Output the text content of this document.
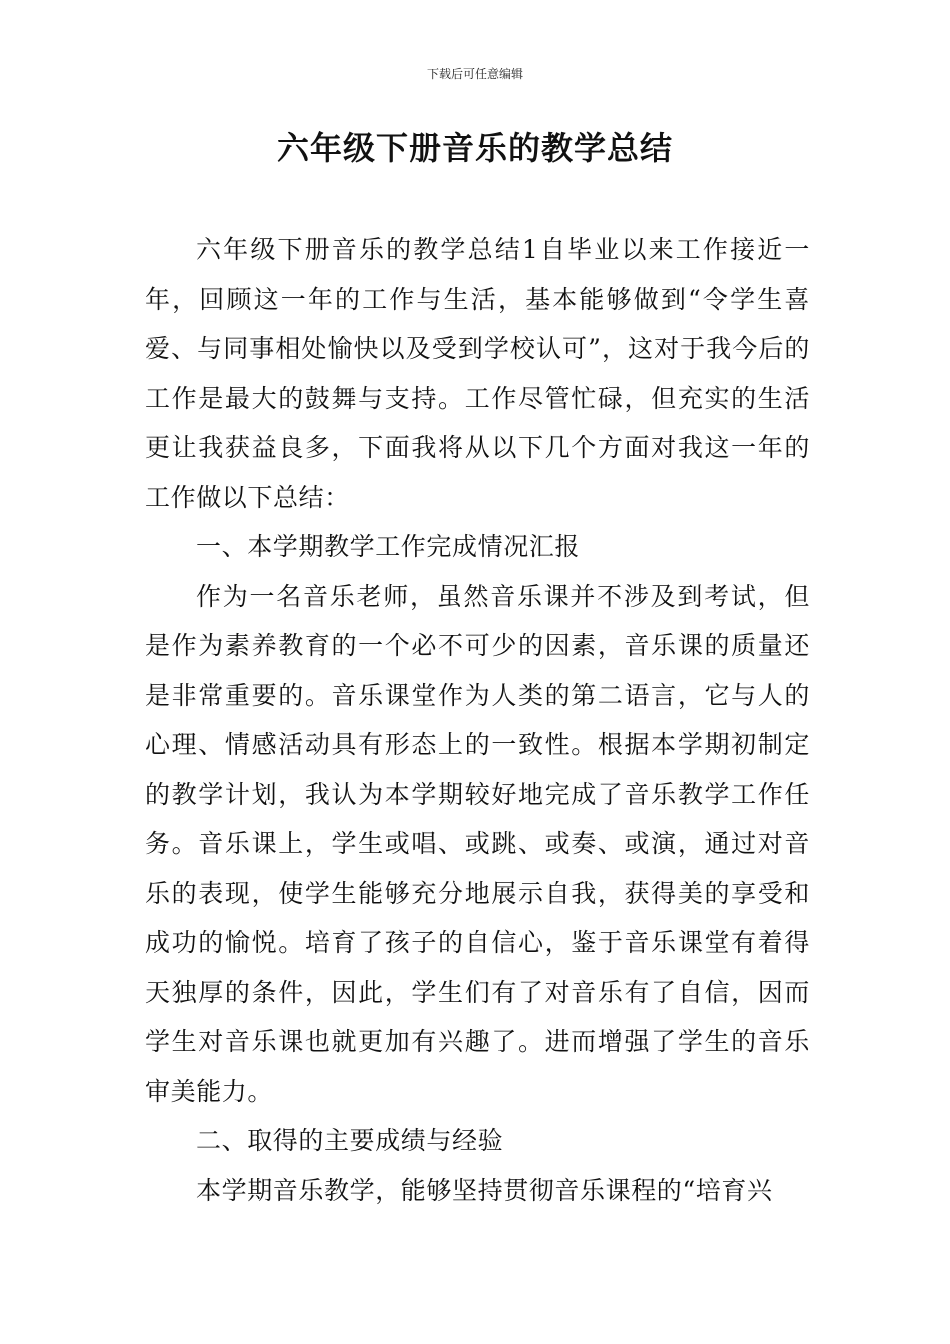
下载后可任意编辑
六年级下册音乐的教学总结

六年级下册音乐的教学总结1自毕业以来工作接近一年，回顾这一年的工作与生活，基本能够做到“令学生喜爱、与同事相处愉快以及受到学校认可”，这对于我今后的工作是最大的鼓舞与支持。工作尽管忙碌，但充实的生活更让我获益良多，下面我将从以下几个方面对我这一年的工作做以下总结：

一、本学期教学工作完成情况汇报

作为一名音乐老师，虽然音乐课并不涉及到考试，但是作为素养教育的一个必不可少的因素，音乐课的质量还是非常重要的。音乐课堂作为人类的第二语言，它与人的心理、情感活动具有形态上的一致性。根据本学期初制定的教学计划，我认为本学期较好地完成了音乐教学工作任务。音乐课上，学生或唱、或跳、或奏、或演，通过对音乐的表现，使学生能够充分地展示自我，获得美的享受和成功的愉悦。培育了孩子的自信心，鉴于音乐课堂有着得天独厚的条件，因此，学生们有了对音乐有了自信，因而学生对音乐课也就更加有兴趣了。进而增强了学生的音乐审美能力。

二、取得的主要成绩与经验

本学期音乐教学，能够坚持贯彻音乐课程的“培育兴
